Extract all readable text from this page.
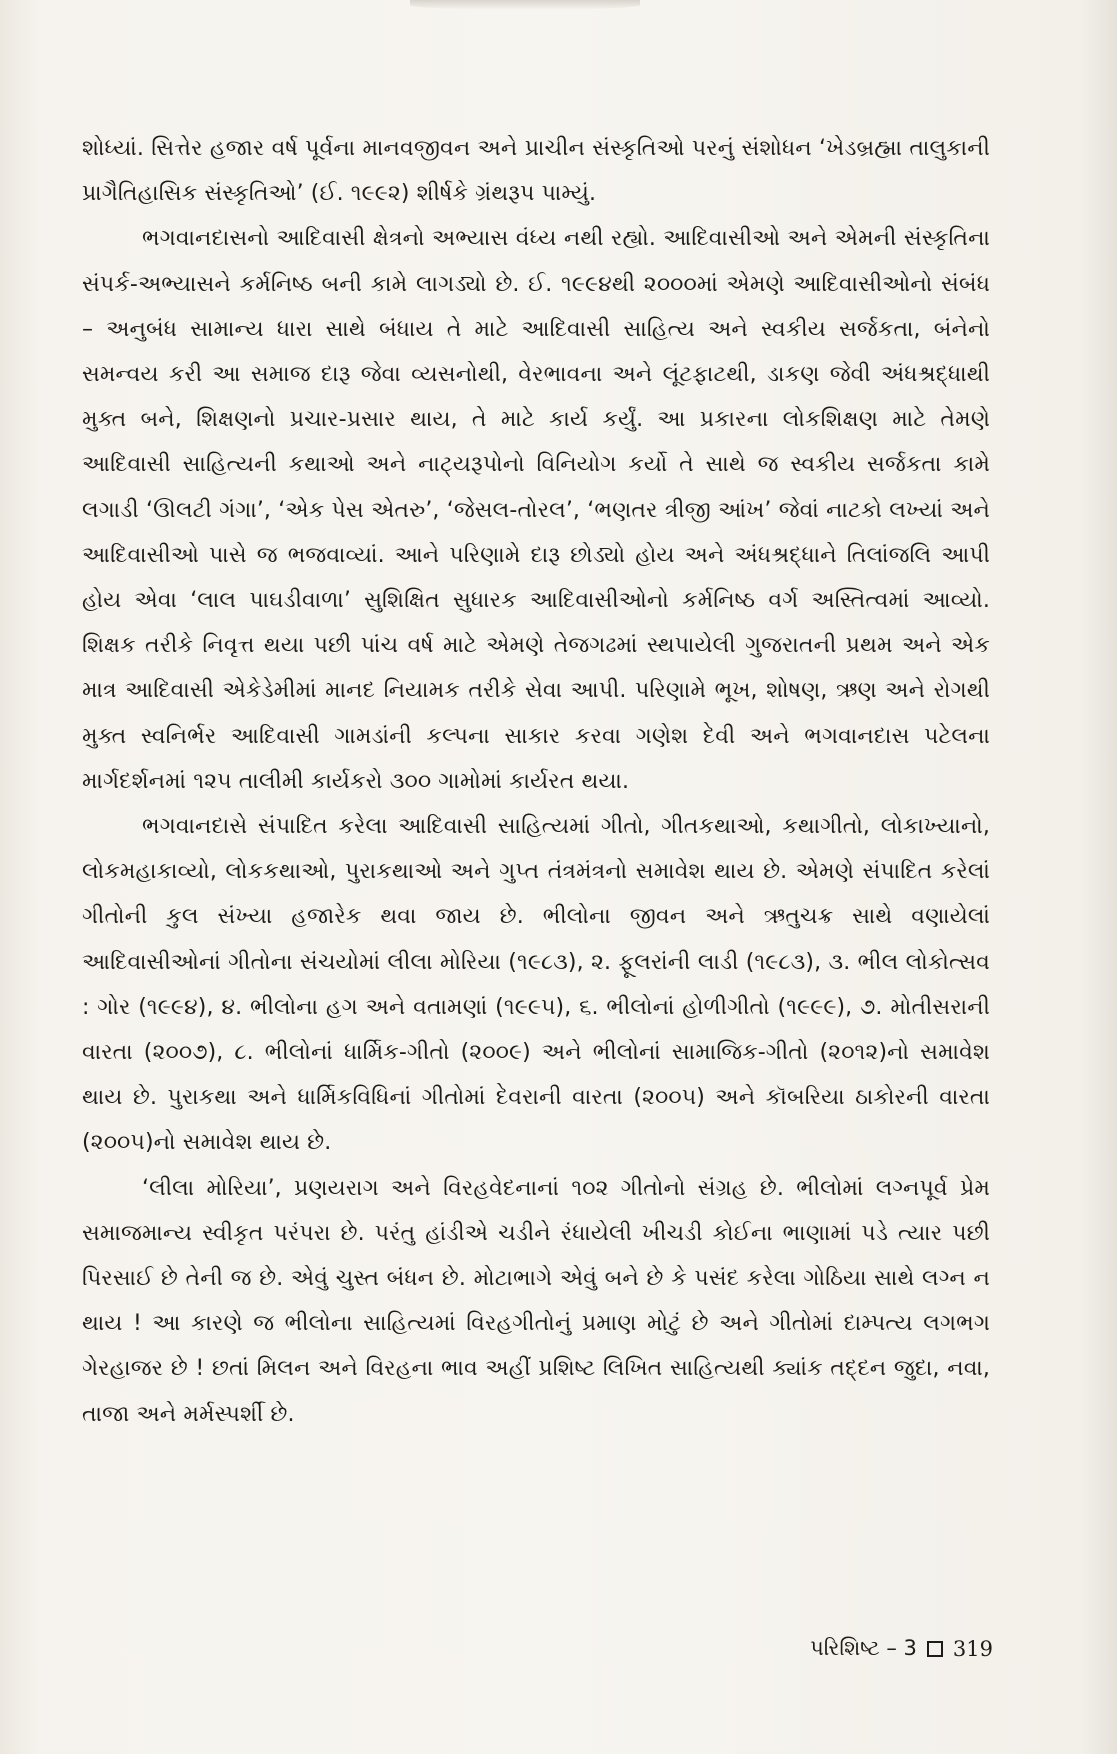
શોધ્યાં. સિત્તેર હજાર વર્ષ પૂર્વના માનવજીવન અને પ્રાચીન સંસ્કૃતિઓ પરનું સંશોધન ‘ખેડબ્રહ્મા તાલુકાની પ્રાગૈતિહાસિક સંસ્કૃતિઓ’ (ઈ. ૧૯૯૨) શીર્ષકે ગ્રંથરૂપ પામ્યું.

ભગવાનદાસનો આદિવાસી ક્ષેત્રનો અભ્યાસ વંધ્ય નથી રહ્યો. આદિવાસીઓ અને એમની સંસ્કૃતિના સંપર્ક-અભ્યાસને કર્મનિષ્ઠ બની કામે લાગડ્યો છે. ઈ. ૧૯૯૪થી ૨૦૦૦માં એમણે આદિવાસીઓનો સંબંધ – અનુબંધ સામાન્ય ધારા સાથે બંધાય તે માટે આદિવાસી સાહિત્ય અને સ્વકીય સર્જકતા, બંનેનો સમન્વય કરી આ સમાજ દારૂ જેવા વ્યસનોથી, વેરભાવના અને લૂંટફાટથી, ડાકણ જેવી અંધશ્રદ્ધાથી મુક્ત બને, શિક્ષણનો પ્રચાર-પ્રસાર થાય, તે માટે કાર્ય કર્યું. આ પ્રકારના લોકશિક્ષણ માટે તેમણે આદિવાસી સાહિત્યની કથાઓ અને નાટ્યરૂપોનો વિનિયોગ કર્યો તે સાથે જ સ્વકીય સર્જકતા કામે લગાડી ‘ઊલટી ગંગા’, ‘એક પેસ એતરુ’, ‘જેસલ-તોરલ’, ‘ભણતર ત્રીજી આંખ’ જેવાં નાટકો લખ્યાં અને આદિવાસીઓ પાસે જ ભજવાવ્યાં. આને પરિણામે દારૂ છોડ્યો હોય અને અંધશ્રદ્ધાને તિલાંજલિ આપી હોય એવા ‘લાલ પાઘડીવાળા’ સુશિક્ષિત સુધારક આદિવાસીઓનો કર્મનિષ્ઠ વર્ગ અસ્તિત્વમાં આવ્યો. શિક્ષક તરીકે નિવૃત્ત થયા પછી પાંચ વર્ષ માટે એમણે તેજગઢમાં સ્થપાયેલી ગુજરાતની પ્રથમ અને એક માત્ર આદિવાસી એકેડેમીમાં માનદ નિયામક તરીકે સેવા આપી. પરિણામે ભૂખ, શોષણ, ઋણ અને રોગથી મુક્ત સ્વનિર્ભર આદિવાસી ગામડાંની કલ્પના સાકાર કરવા ગણેશ દેવી અને ભગવાનદાસ પટેલના માર્ગદર્શનમાં ૧૨૫ તાલીમી કાર્યકરો ૩૦૦ ગામોમાં કાર્યરત થયા.

ભગવાનદાસે સંપાદિત કરેલા આદિવાસી સાહિત્યમાં ગીતો, ગીતકથાઓ, કથાગીતો, લોકાખ્યાનો, લોકમહાકાવ્યો, લોકકથાઓ, પુરાકથાઓ અને ગુપ્ત તંત્રમંત્રનો સમાવેશ થાય છે. એમણે સંપાદિત કરેલાં ગીતોની કુલ સંખ્યા હજારેક થવા જાય છે. ભીલોના જીવન અને ઋતુચક્ર સાથે વણાયેલાં આદિવાસીઓનાં ગીતોના સંચયોમાં લીલા મોરિયા (૧૯૮૩), ૨. ફૂલરાંની લાડી (૧૯૮૩), ૩. ભીલ લોકોત્સવ : ગોર (૧૯૯૪), ૪. ભીલોના હગ અને વતામણાં (૧૯૯૫), ૬. ભીલોનાં હોળીગીતો (૧૯૯૯), ૭. મોતીસરાની વારતા (૨૦૦૭), ૮. ભીલોનાં ધાર્મિક-ગીતો (૨૦૦૯) અને ભીલોનાં સામાજિક-ગીતો (૨૦૧૨)નો સમાવેશ થાય છે. પુરાકથા અને ધાર્મિકવિધિનાં ગીતોમાં દેવરાની વારતા (૨૦૦૫) અને કૉબરિયા ઠાકોરની વારતા (૨૦૦૫)નો સમાવેશ થાય છે.

‘લીલા મોરિયા’, પ્રણયરાગ અને વિરહવેદનાનાં ૧૦૨ ગીતોનો સંગ્રહ છે. ભીલોમાં લગ્નપૂર્વ પ્રેમ સમાજમાન્ય સ્વીકૃત પરંપરા છે. પરંતુ હાંડીએ ચડીને રંધાયેલી ખીચડી કોઈના ભાણામાં પડે ત્યાર પછી પિરસાઈ છે તેની જ છે. એવું ચુસ્ત બંધન છે. મોટાભાગે એવું બને છે કે પસંદ કરેલા ગોઠિયા સાથે લગ્ન ન થાય ! આ કારણે જ ભીલોના સાહિત્યમાં વિરહગીતોનું પ્રમાણ મોટું છે અને ગીતોમાં દામ્પત્ય લગભગ ગેરહાજર છે ! છતાં મિલન અને વિરહના ભાવ અહીં પ્રશિષ્ટ લિખિત સાહિત્યથી ક્યાંક તદ્દન જુદા, નવા, તાજા અને મર્મસ્પર્શી છે.

પરિશિષ્ટ – 3 319
